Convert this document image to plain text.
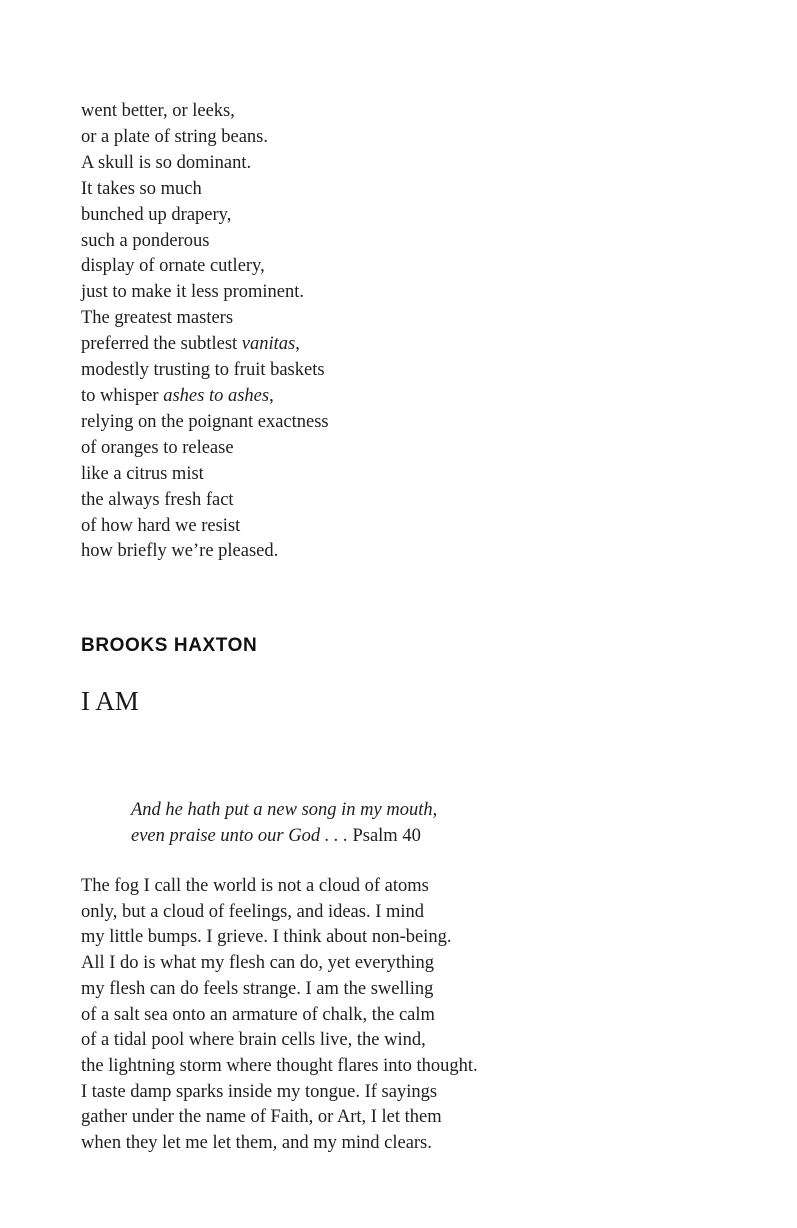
went better, or leeks,
or a plate of string beans.
A skull is so dominant.
It takes so much
bunched up drapery,
such a ponderous
display of ornate cutlery,
just to make it less prominent.
The greatest masters
preferred the subtlest vanitas,
modestly trusting to fruit baskets
to whisper ashes to ashes,
relying on the poignant exactness
of oranges to release
like a citrus mist
the always fresh fact
of how hard we resist
how briefly we’re pleased.
BROOKS HAXTON
I AM
And he hath put a new song in my mouth,
even praise unto our God . . . Psalm 40
The fog I call the world is not a cloud of atoms
only, but a cloud of feelings, and ideas. I mind
my little bumps. I grieve. I think about non-being.
All I do is what my flesh can do, yet everything
my flesh can do feels strange. I am the swelling
of a salt sea onto an armature of chalk, the calm
of a tidal pool where brain cells live, the wind,
the lightning storm where thought flares into thought.
I taste damp sparks inside my tongue. If sayings
gather under the name of Faith, or Art, I let them
when they let me let them, and my mind clears.
